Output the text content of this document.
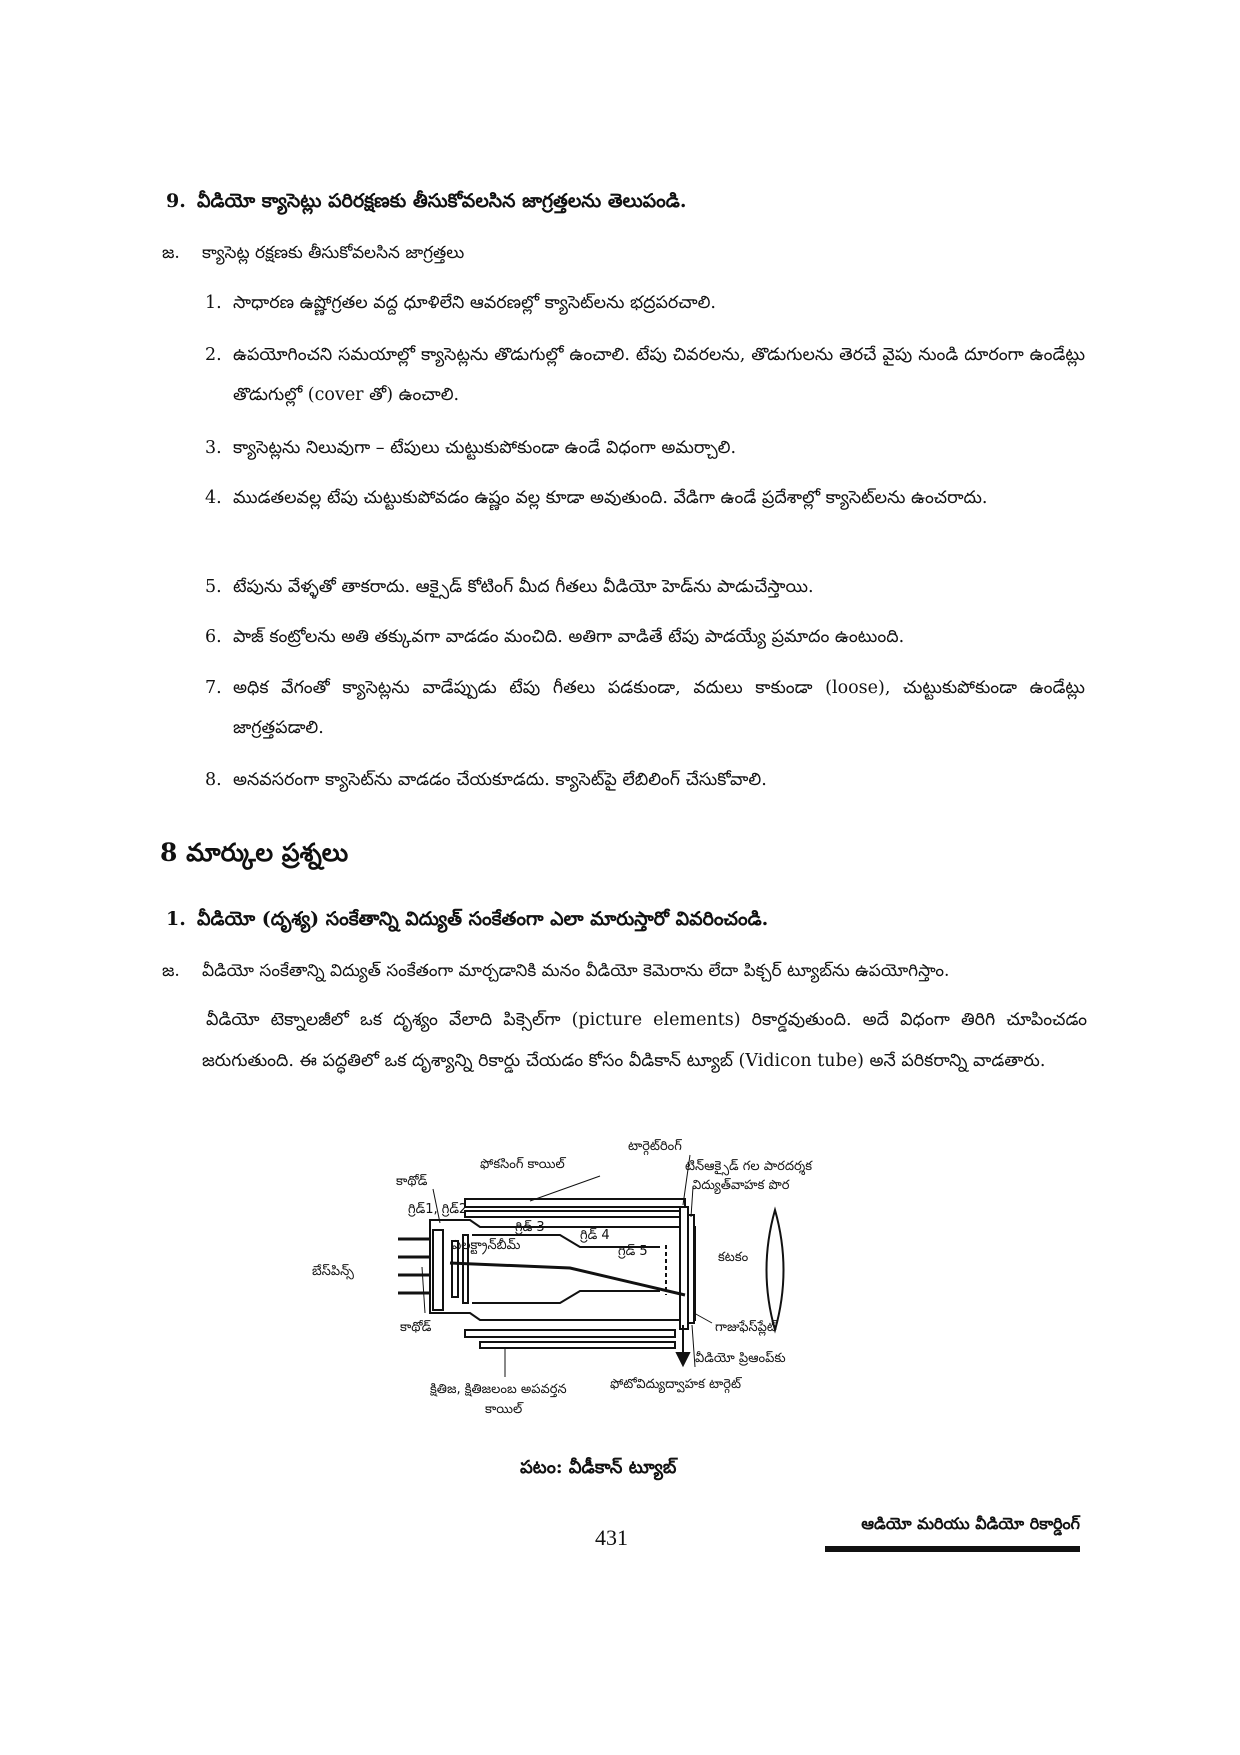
9. వీడియో క్యాసెట్లు పరిరక్షణకు తీసుకోవలసిన జాగ్రత్తలను తెలుపండి.
జ. క్యాసెట్ల రక్షణకు తీసుకోవలసిన జాగ్రత్తలు
1. సాధారణ ఉష్ణోగ్రతల వద్ద ధూళిలేని ఆవరణల్లో క్యాసెట్‌లను భద్రపరచాలి.
2. ఉపయోగించని సమయాల్లో క్యాసెట్లను తొడుగుల్లో ఉంచాలి. టేపు చివరలను, తొడుగులను తెరచే వైపు నుండి దూరంగా ఉండేట్లు తొడుగుల్లో (cover తో) ఉంచాలి.
3. క్యాసెట్లను నిలువుగా – టేపులు చుట్టుకుపోకుండా ఉండే విధంగా అమర్చాలి.
4. ముడతలవల్ల టేపు చుట్టుకుపోవడం ఉష్ణం వల్ల కూడా అవుతుంది. వేడిగా ఉండే ప్రదేశాల్లో క్యాసెట్‌లను ఉంచరాదు.
5. టేపును వేళ్ళతో తాకరాదు. ఆక్సైడ్ కోటింగ్ మీద గీతలు వీడియో హెడ్‌ను పాడుచేస్తాయి.
6. పాజ్ కంట్రోలను అతి తక్కువగా వాడడం మంచిది. అతిగా వాడితే టేపు పాడయ్యే ప్రమాదం ఉంటుంది.
7. అధిక వేగంతో క్యాసెట్లను వాడేప్పుడు టేపు గీతలు పడకుండా, వదులు కాకుండా (loose), చుట్టుకుపోకుండా ఉండేట్లు జాగ్రత్తపడాలి.
8. అనవసరంగా క్యాసెట్‌ను వాడడం చేయకూడదు. క్యాసెట్‌పై లేబిలింగ్ చేసుకోవాలి.
8 మార్కుల ప్రశ్నలు
1. వీడియో (దృశ్య) సంకేతాన్ని విద్యుత్ సంకేతంగా ఎలా మారుస్తారో వివరించండి.
జ. వీడియో సంకేతాన్ని విద్యుత్ సంకేతంగా మార్చడానికి మనం వీడియో కెమెరాను లేదా పిక్చర్ ట్యూబ్‌ను ఉపయోగిస్తాం.
వీడియో టెక్నాలజీలో ఒక దృశ్యం వేలాది పిక్సెల్‌గా (picture elements) రికార్డవుతుంది. అదే విధంగా తిరిగి చూపించడం జరుగుతుంది. ఈ పద్ధతిలో ఒక దృశ్యాన్ని రికార్డు చేయడం కోసం వీడికాన్ ట్యూబ్ (Vidicon tube) అనే పరికరాన్ని వాడతారు.
టార్గెట్‌రింగ్
ఫోకసింగ్ కాయిల్	టిన్‌ఆక్సైడ్ గల పారదర్శక
విద్యుత్‌వాహక పొర
కాథోడ్
గ్రిడ్1, గ్రిడ్2
గ్రిడ్ 3
గ్రిడ్ 4
గ్రిడ్ 5
ఎలక్ట్రాన్‌బీమ్
బేస్‌పిన్స్
కటకం
గాజుఫేస్‌ప్లేట్
కాథోడ్
వీడియో ప్రిఆంప్‌కు
ఫోటోవిద్యుద్వాహక టార్గెట్
క్షితిజ, క్షితిజలంబ అపవర్తన
కాయిల్
పటం: వీడీకాన్ ట్యూబ్
431
ఆడియో మరియు వీడియో రికార్డింగ్
